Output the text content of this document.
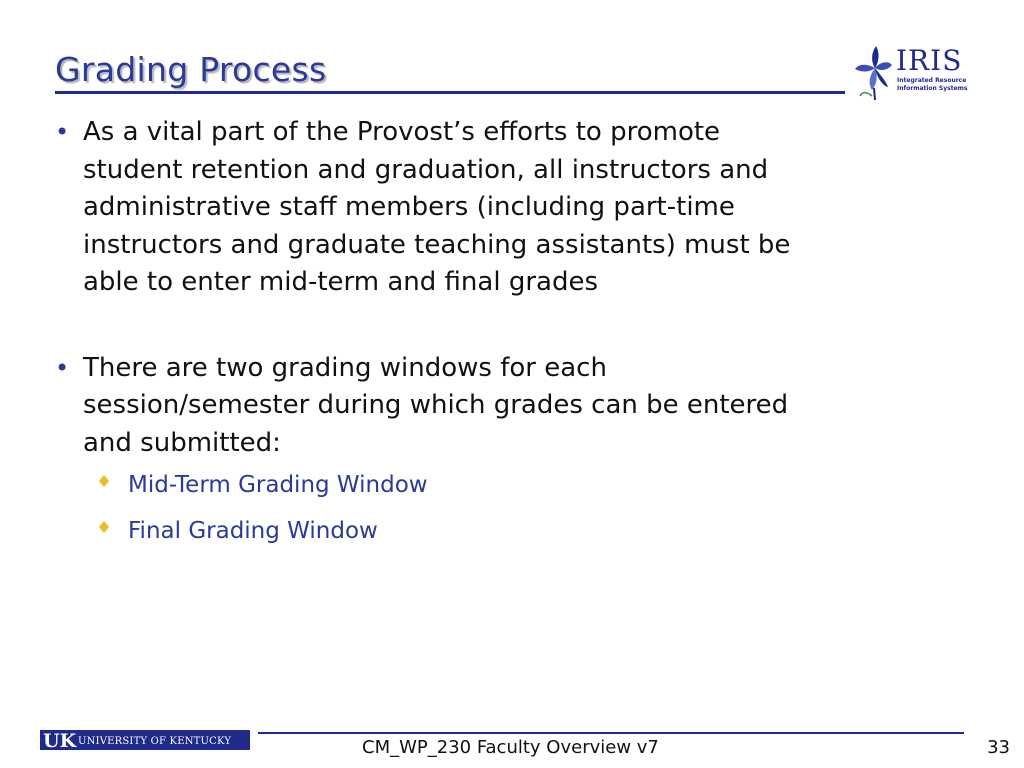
Grading Process	IRIS
Integrated Resource
Information Systems
• As a vital part of the Provost’s efforts to promote
student retention and graduation, all instructors and
administrative staff members (including part-time
instructors and graduate teaching assistants) must be
able to enter mid-term and final grades
• There are two grading windows for each
session/semester during which grades can be entered
and submitted:
Mid-Term Grading Window
Final Grading Window
UK UNIVERSITY OF KENTUCKY	CM_WP_230 Faculty Overview v7	33
